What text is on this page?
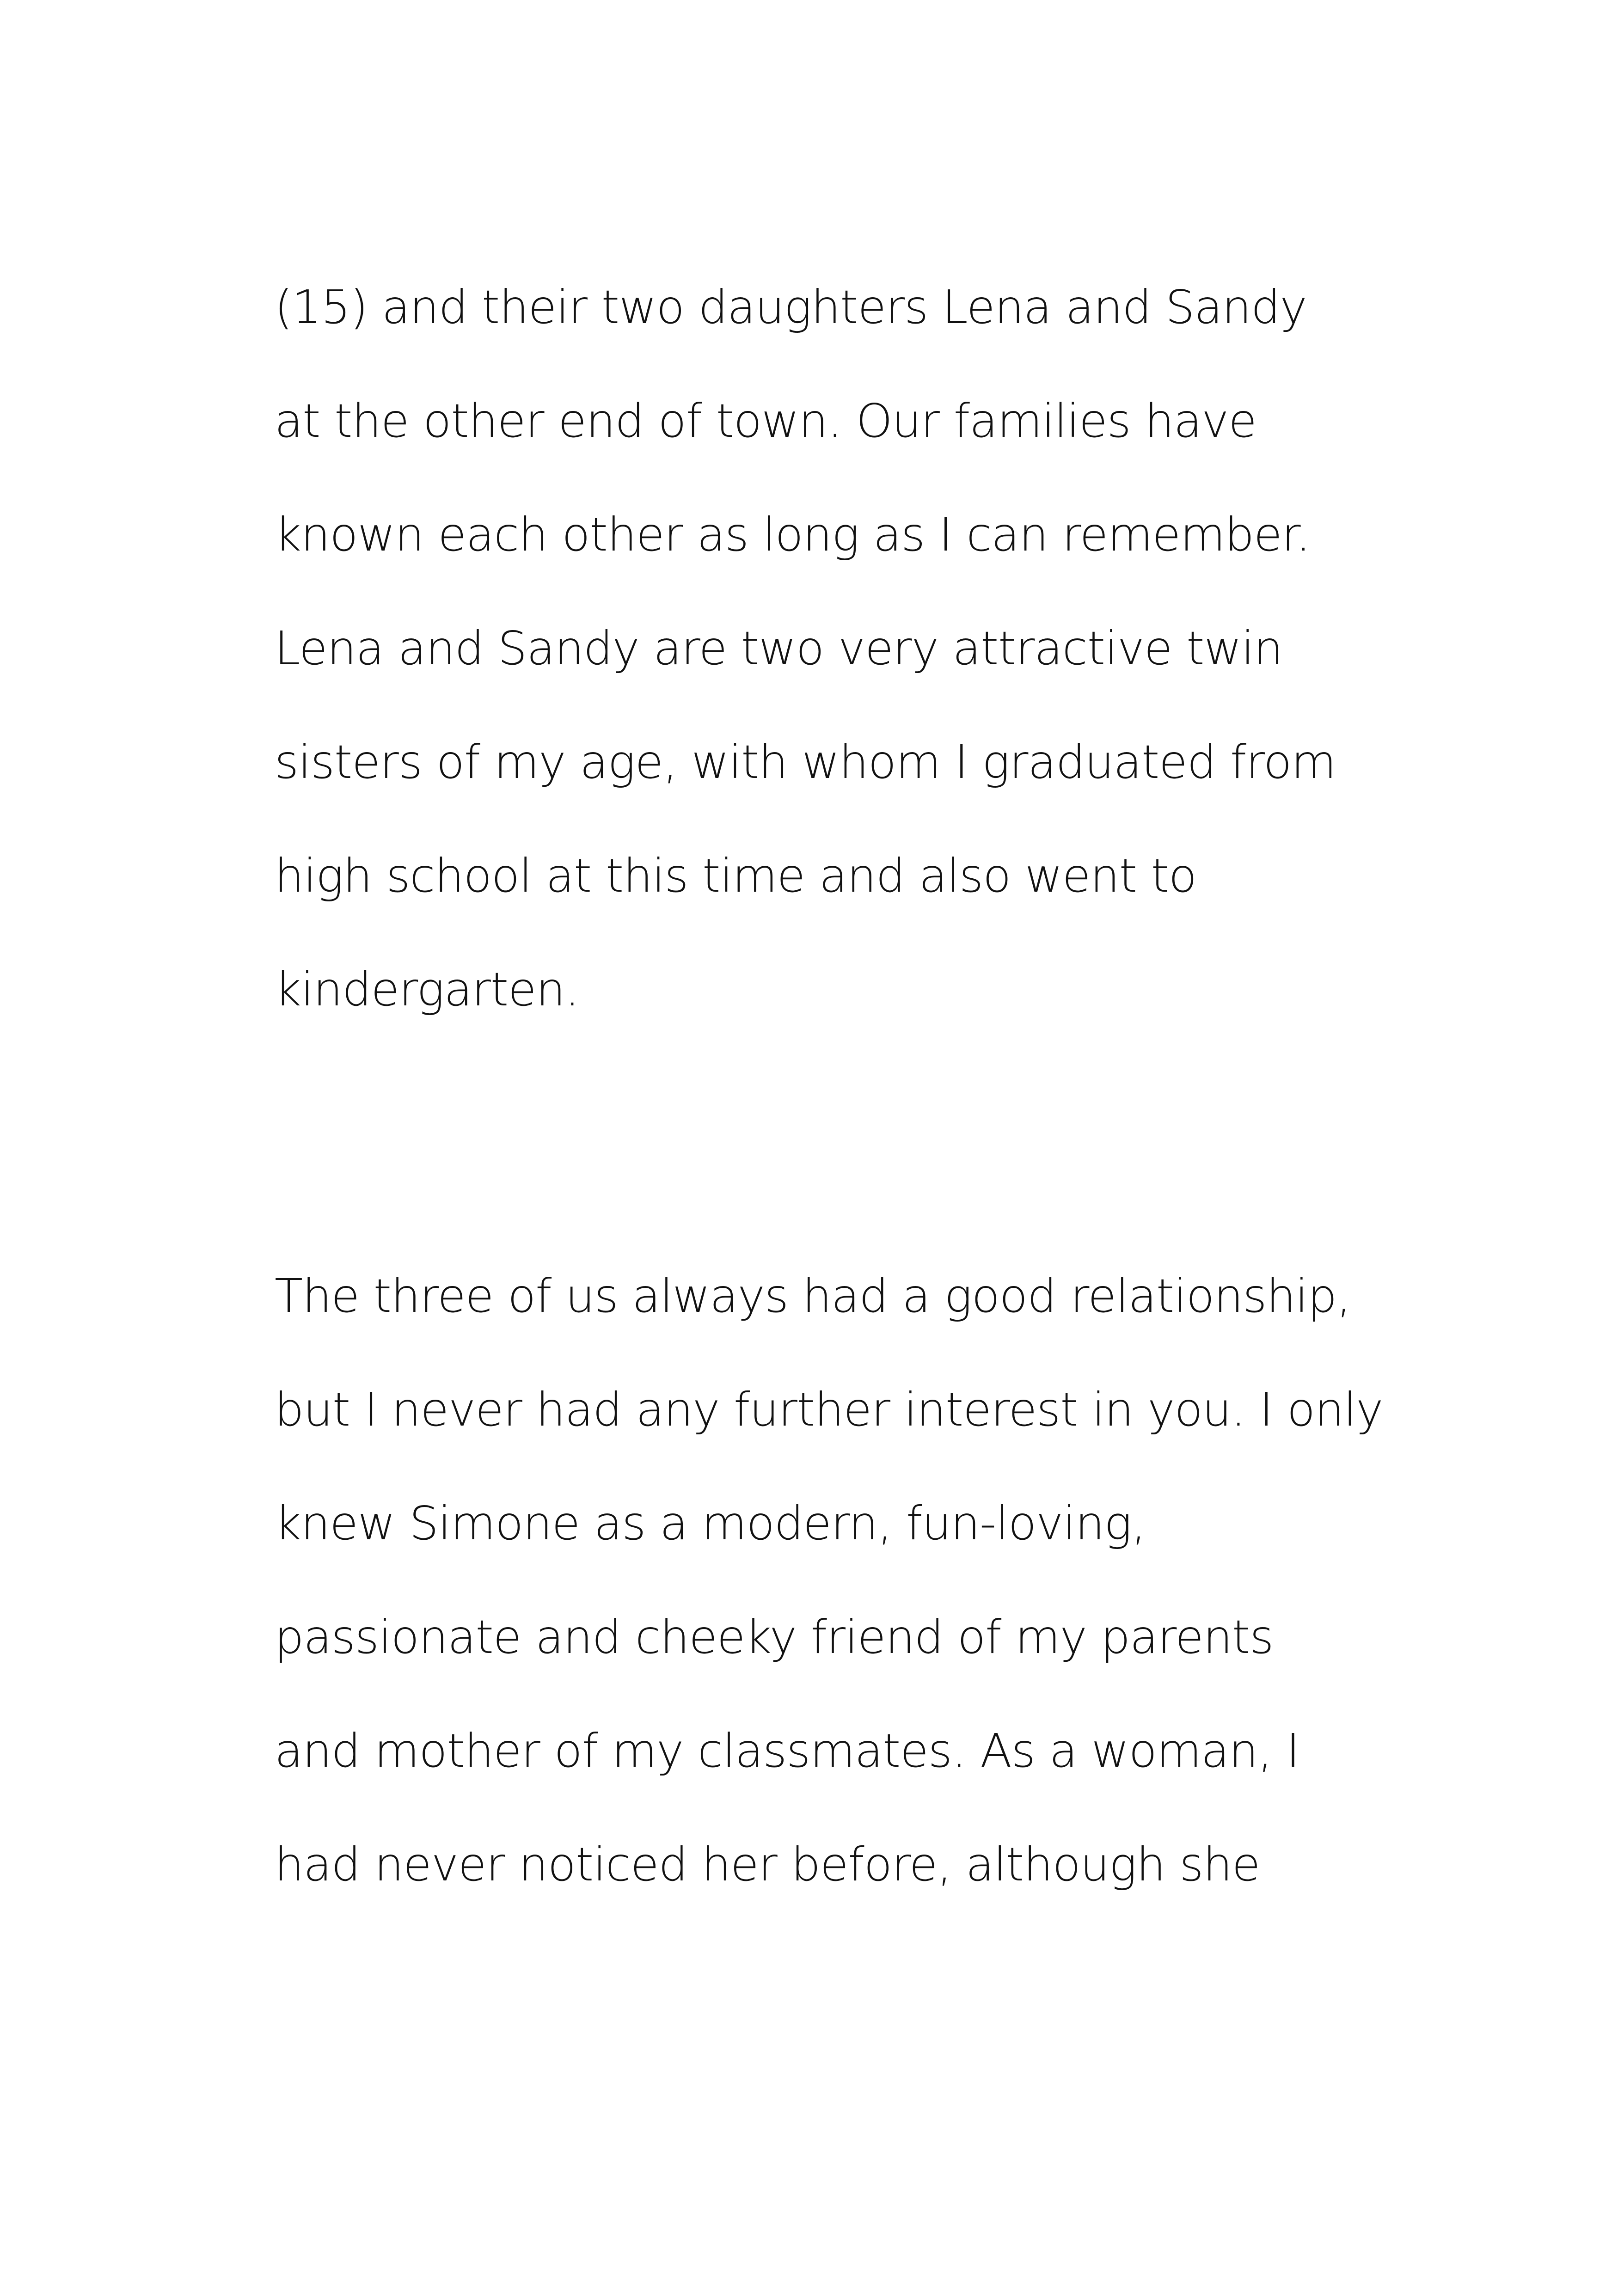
(15) and their two daughters Lena and Sandy
at the other end of town. Our families have
known each other as long as I can remember.
Lena and Sandy are two very attractive twin
sisters of my age, with whom I graduated from
high school at this time and also went to
kindergarten.
The three of us always had a good relationship,
but I never had any further interest in you. I only
knew Simone as a modern, fun-loving,
passionate and cheeky friend of my parents
and mother of my classmates. As a woman, I
had never noticed her before, although she
